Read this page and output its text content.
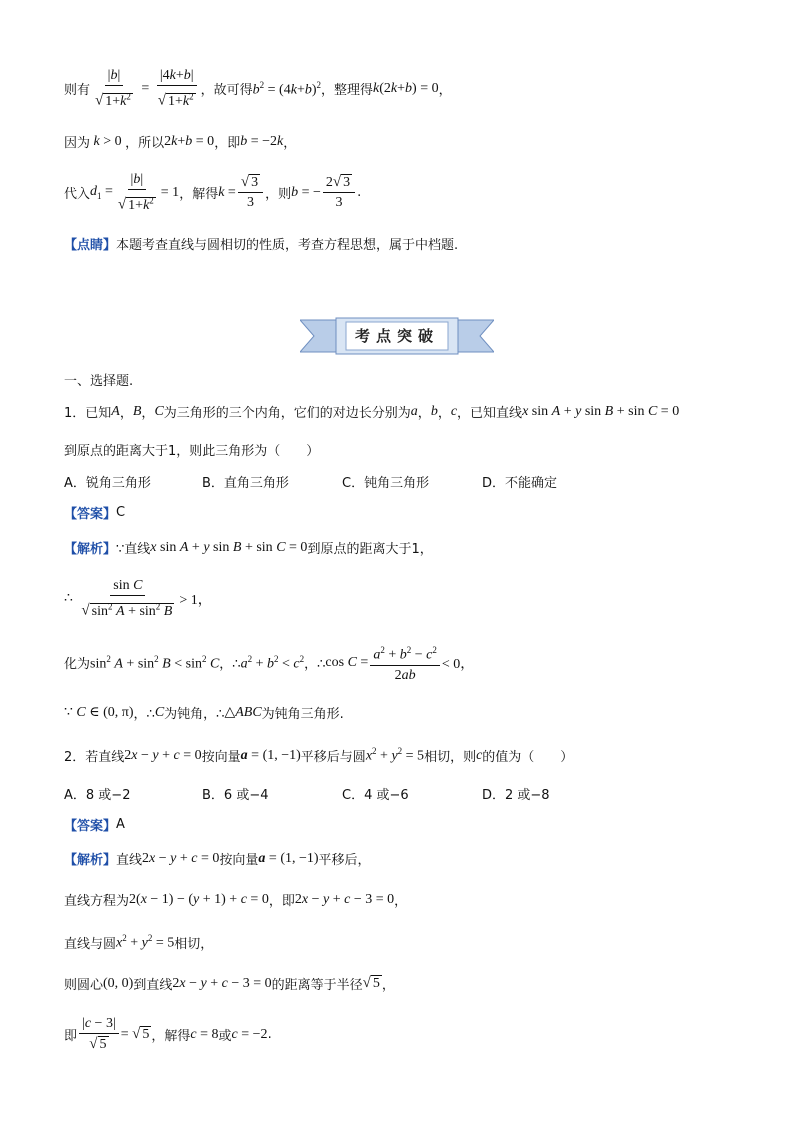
则有 $\frac{|b|}{√ 1+k^2} = \frac{|4k+b|}{√ 1+k^2}$ ，故可得 $b^2 = (4k+b)^2$ ，整理得 k(2k+b) = 0 ，
因为 k > 0 ，所以 2k+b = 0 ，即 b = −2k ，
代入 $d_1 = \frac{|b|}{√ 1+k^2} = 1$ ，解得 $k = \frac{√ 3}{3}$ ，则 b = − $\frac{2√ 3}{3}$ .
【点睛】 本题考查直线与圆相切的性质，考查方程思想，属于中档题.
考点突破
一、选择题.
1．已知 A ， B ， C 为三角形的三个内角，它们的对边长分别为 a ， b ， c ，已知直线 x sin A + y sin B + sin C = 0
到原点的距离大于1，则此三角形为（　　）
A．锐角三角形	B．直角三角形	C．钝角三角形	D．不能确定
【答案】 C
【解析】 ∵直线 x sin A + y sin B + sin C = 0 到原点的距离大于1，
∴ $\frac{\text{sin C}}{√ \sin^2 A + \sin^2 B} > 1$，
化为 $\sin^2 A + \sin^2 B < \sin^2 C$ ，∴ $a^2 + b^2 < c^2$ ，∴ $\cos C = \frac{a^2 + b^2 - c^2}{2ab} < 0$，
∵ C ∈ (0, π) ，∴ C 为钝角，∴ △ABC 为钝角三角形.
2．若直线 2x − y + c = 0 按向量 a = (1, −1) 平移后与圆 $x^2 + y^2 = 5$ 相切，则 c 的值为（　　）
A．8 或−2	B．6 或−4	C．4 或−6	D．2 或−8
【答案】 A
【解析】 直线 2x − y + c = 0 按向量 a = (1, −1) 平移后，
直线方程为 2(x − 1) − (y + 1) + c = 0 ，即 2x − y + c − 3 = 0 ，
直线与圆 $x^2 + y^2 = 5$ 相切，
则圆心 (0, 0) 到直线 2x − y + c − 3 = 0 的距离等于半径 √ 5 ，
即 $\frac{|c - 3|}{√ 5}$ = √ 5 ，解得 c = 8 或 c = −2 .
